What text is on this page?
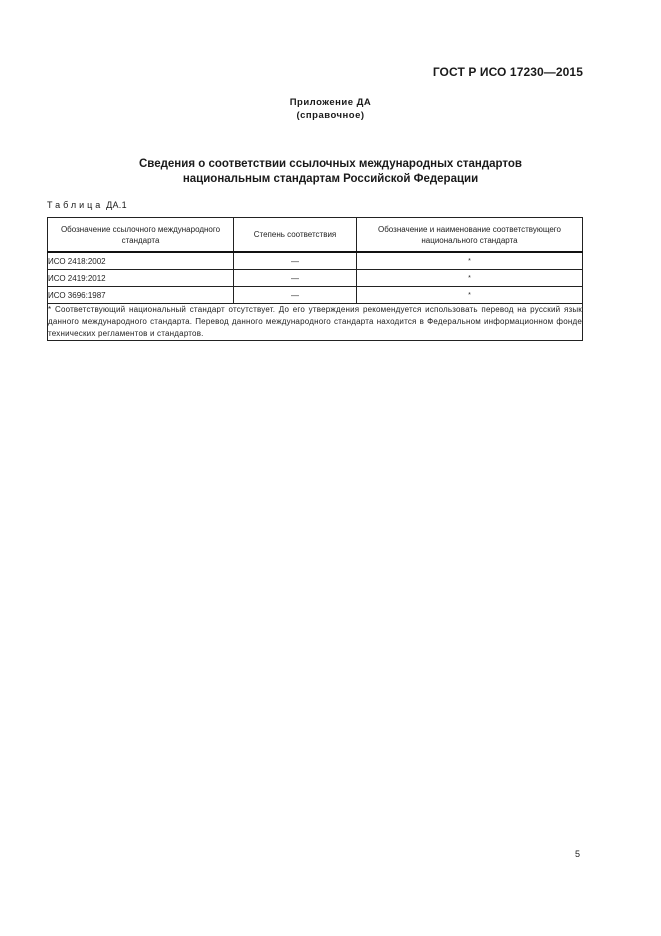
ГОСТ Р ИСО 17230—2015
Приложение ДА
(справочное)
Сведения о соответствии ссылочных международных стандартов
национальным стандартам Российской Федерации
Таблица ДА.1
Обозначение ссылочного международного стандарта	Степень соответствия	Обозначение и наименование соответствующего национального стандарта
ИСО 2418:2002	—	*
ИСО 2419:2012	—	*
ИСО 3696:1987	—	*
* Соответствующий национальный стандарт отсутствует. До его утверждения рекомендуется использовать перевод на русский язык данного международного стандарта. Перевод данного международного стандарта находится в Федеральном информационном фонде технических регламентов и стандартов.		
5
